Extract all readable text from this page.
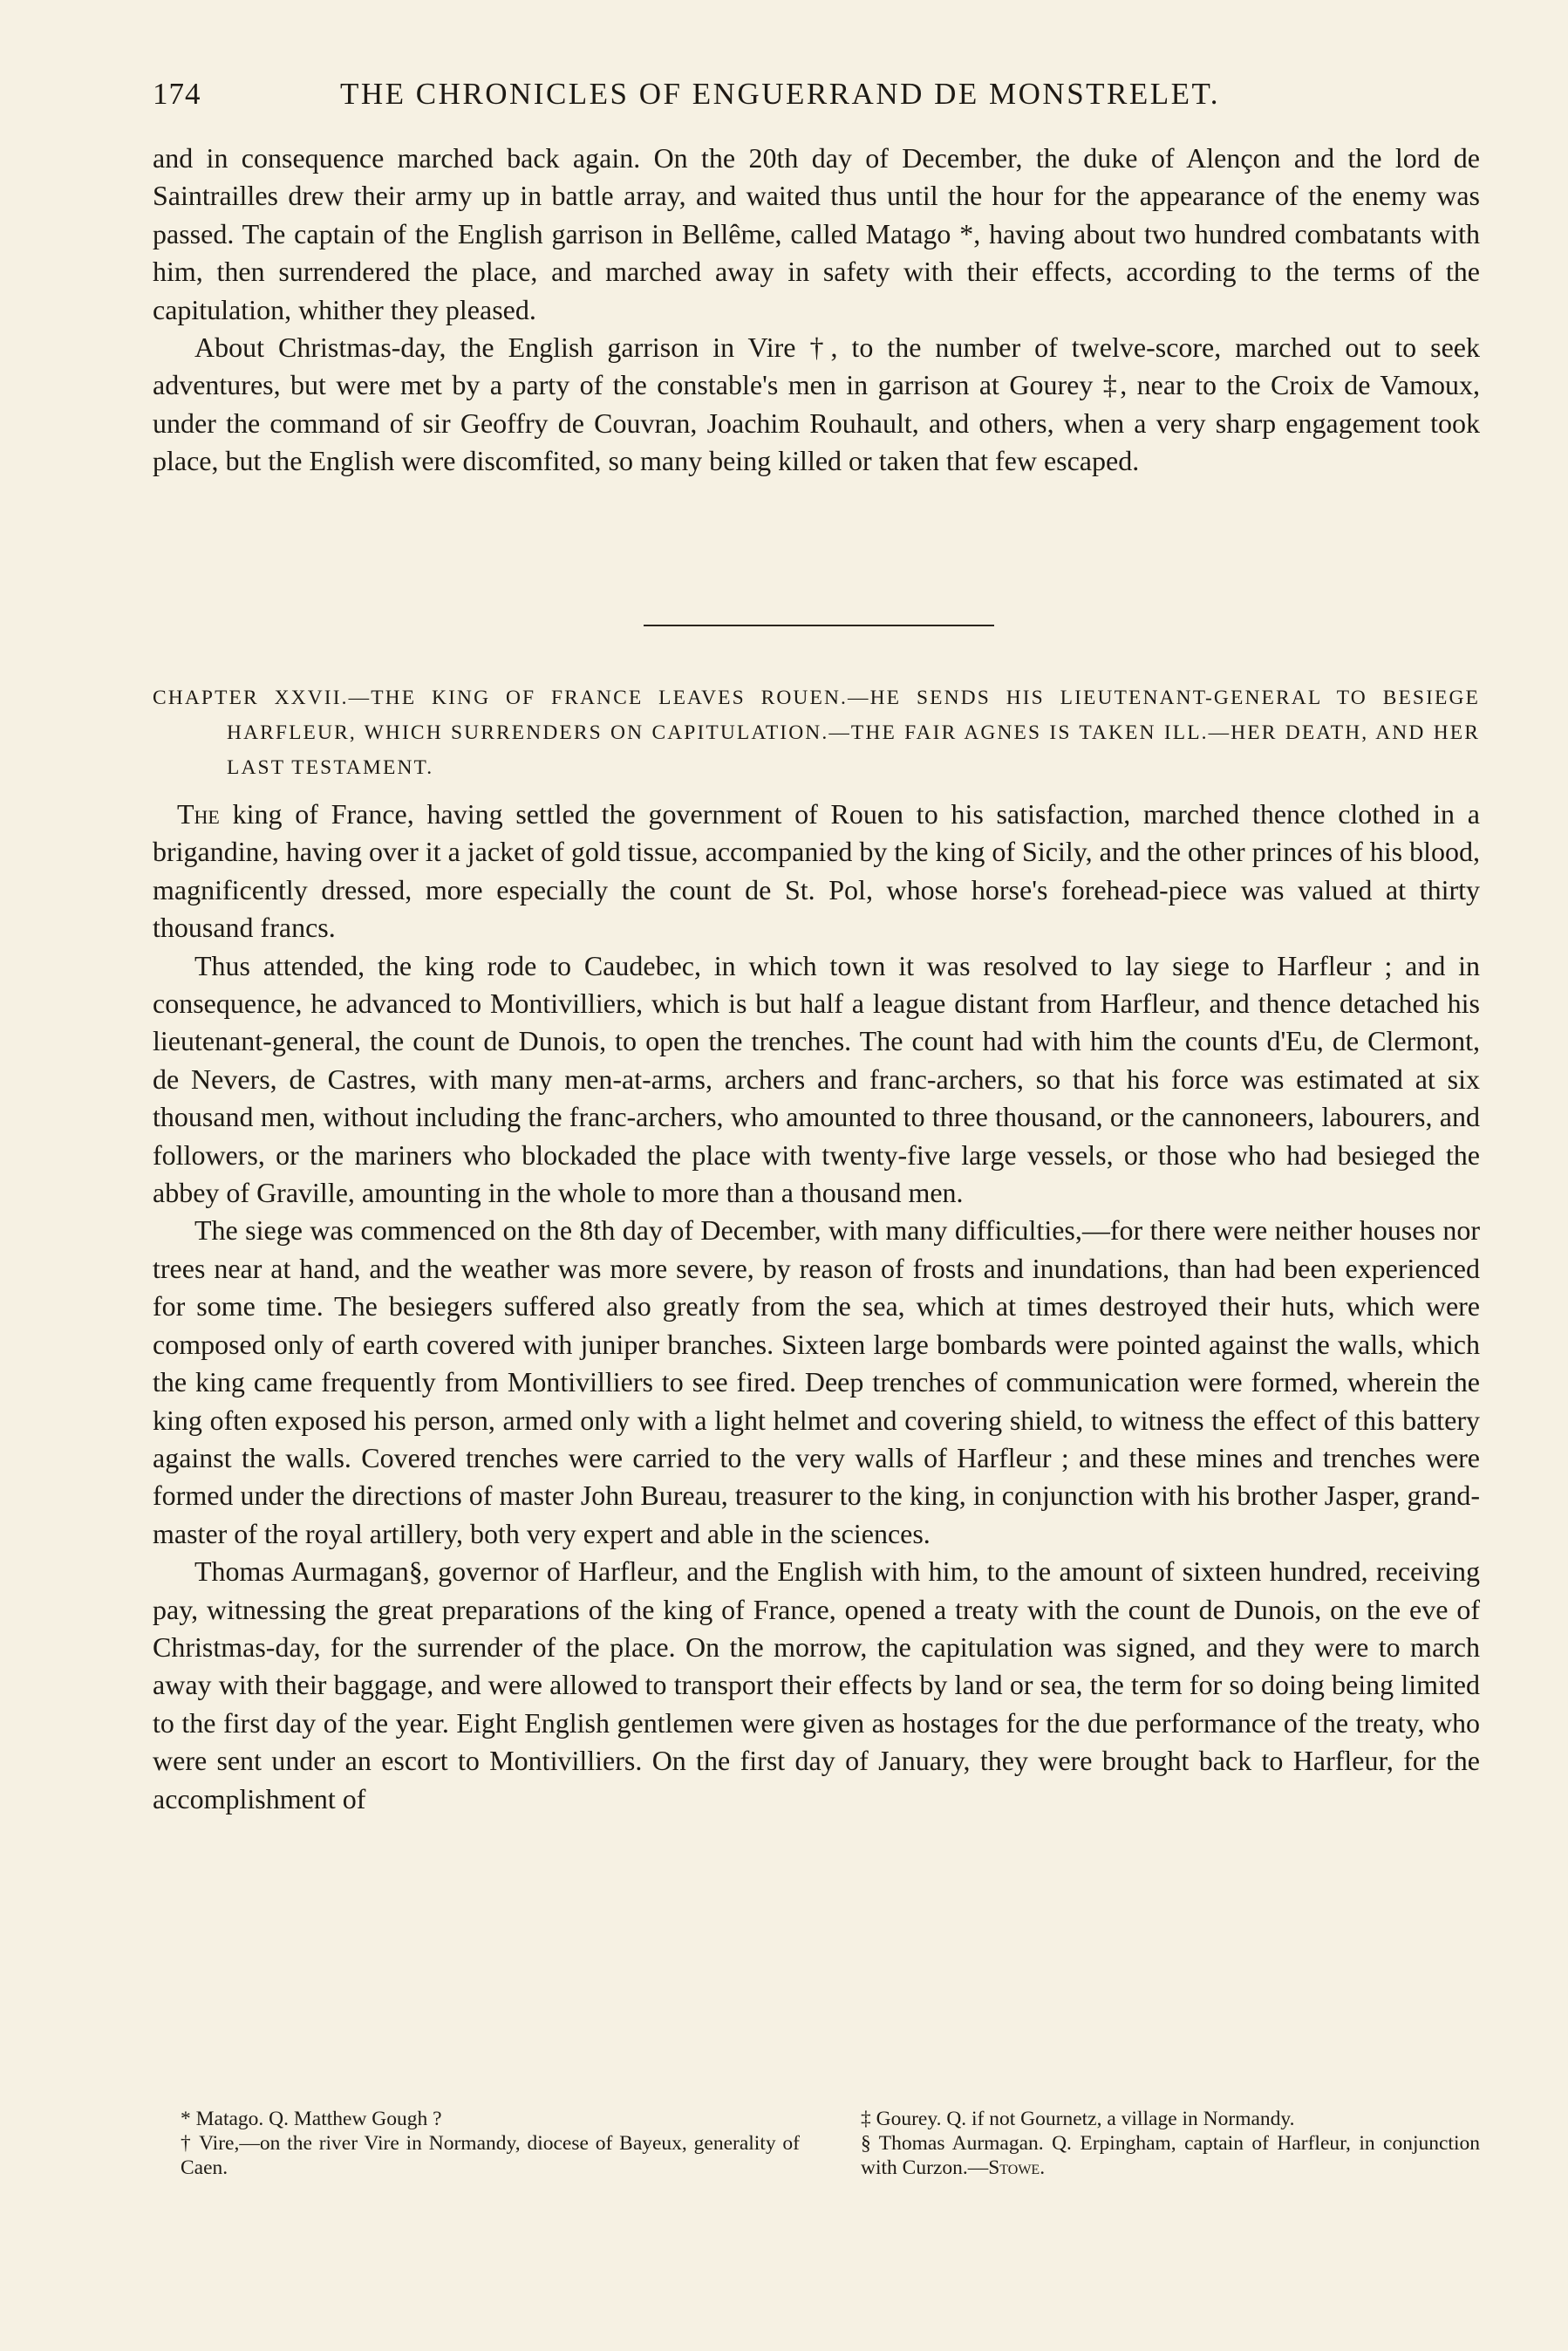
174	THE CHRONICLES OF ENGUERRAND DE MONSTRELET.

and in consequence marched back again. On the 20th day of December, the duke of Alençon and the lord de Saintrailles drew their army up in battle array, and waited thus until the hour for the appearance of the enemy was passed. The captain of the English garrison in Bellême, called Matago *, having about two hundred combatants with him, then surrendered the place, and marched away in safety with their effects, according to the terms of the capitulation, whither they pleased.

About Christmas-day, the English garrison in Vire †, to the number of twelve-score, marched out to seek adventures, but were met by a party of the constable's men in garrison at Gourey ‡, near to the Croix de Vamoux, under the command of sir Geoffry de Couvran, Joachim Rouhault, and others, when a very sharp engagement took place, but the English were discomfited, so many being killed or taken that few escaped.

CHAPTER XXVII.—THE KING OF FRANCE LEAVES ROUEN.—HE SENDS HIS LIEUTENANT-GENERAL TO BESIEGE HARFLEUR, WHICH SURRENDERS ON CAPITULATION.—THE FAIR AGNES IS TAKEN ILL.—HER DEATH, AND HER LAST TESTAMENT.

The king of France, having settled the government of Rouen to his satisfaction, marched thence clothed in a brigandine, having over it a jacket of gold tissue, accompanied by the king of Sicily, and the other princes of his blood, magnificently dressed, more especially the count de St. Pol, whose horse's forehead-piece was valued at thirty thousand francs.

Thus attended, the king rode to Caudebec, in which town it was resolved to lay siege to Harfleur ; and in consequence, he advanced to Montivilliers, which is but half a league distant from Harfleur, and thence detached his lieutenant-general, the count de Dunois, to open the trenches. The count had with him the counts d'Eu, de Clermont, de Nevers, de Castres, with many men-at-arms, archers and franc-archers, so that his force was estimated at six thousand men, without including the franc-archers, who amounted to three thousand, or the cannoneers, labourers, and followers, or the mariners who blockaded the place with twenty-five large vessels, or those who had besieged the abbey of Graville, amounting in the whole to more than a thousand men.

The siege was commenced on the 8th day of December, with many difficulties,—for there were neither houses nor trees near at hand, and the weather was more severe, by reason of frosts and inundations, than had been experienced for some time. The besiegers suffered also greatly from the sea, which at times destroyed their huts, which were composed only of earth covered with juniper branches. Sixteen large bombards were pointed against the walls, which the king came frequently from Montivilliers to see fired. Deep trenches of communication were formed, wherein the king often exposed his person, armed only with a light helmet and covering shield, to witness the effect of this battery against the walls. Covered trenches were carried to the very walls of Harfleur ; and these mines and trenches were formed under the directions of master John Bureau, treasurer to the king, in conjunction with his brother Jasper, grand-master of the royal artillery, both very expert and able in the sciences.

Thomas Aurmagan§, governor of Harfleur, and the English with him, to the amount of sixteen hundred, receiving pay, witnessing the great preparations of the king of France, opened a treaty with the count de Dunois, on the eve of Christmas-day, for the surrender of the place. On the morrow, the capitulation was signed, and they were to march away with their baggage, and were allowed to transport their effects by land or sea, the term for so doing being limited to the first day of the year. Eight English gentlemen were given as hostages for the due performance of the treaty, who were sent under an escort to Montivilliers. On the first day of January, they were brought back to Harfleur, for the accomplishment of

* Matago. Q. Matthew Gough ?

† Vire,—on the river Vire in Normandy, diocese of Bayeux, generality of Caen.

‡ Gourey. Q. if not Gournetz, a village in Normandy.

§ Thomas Aurmagan. Q. Erpingham, captain of Harfleur, in conjunction with Curzon.—Stowe.
